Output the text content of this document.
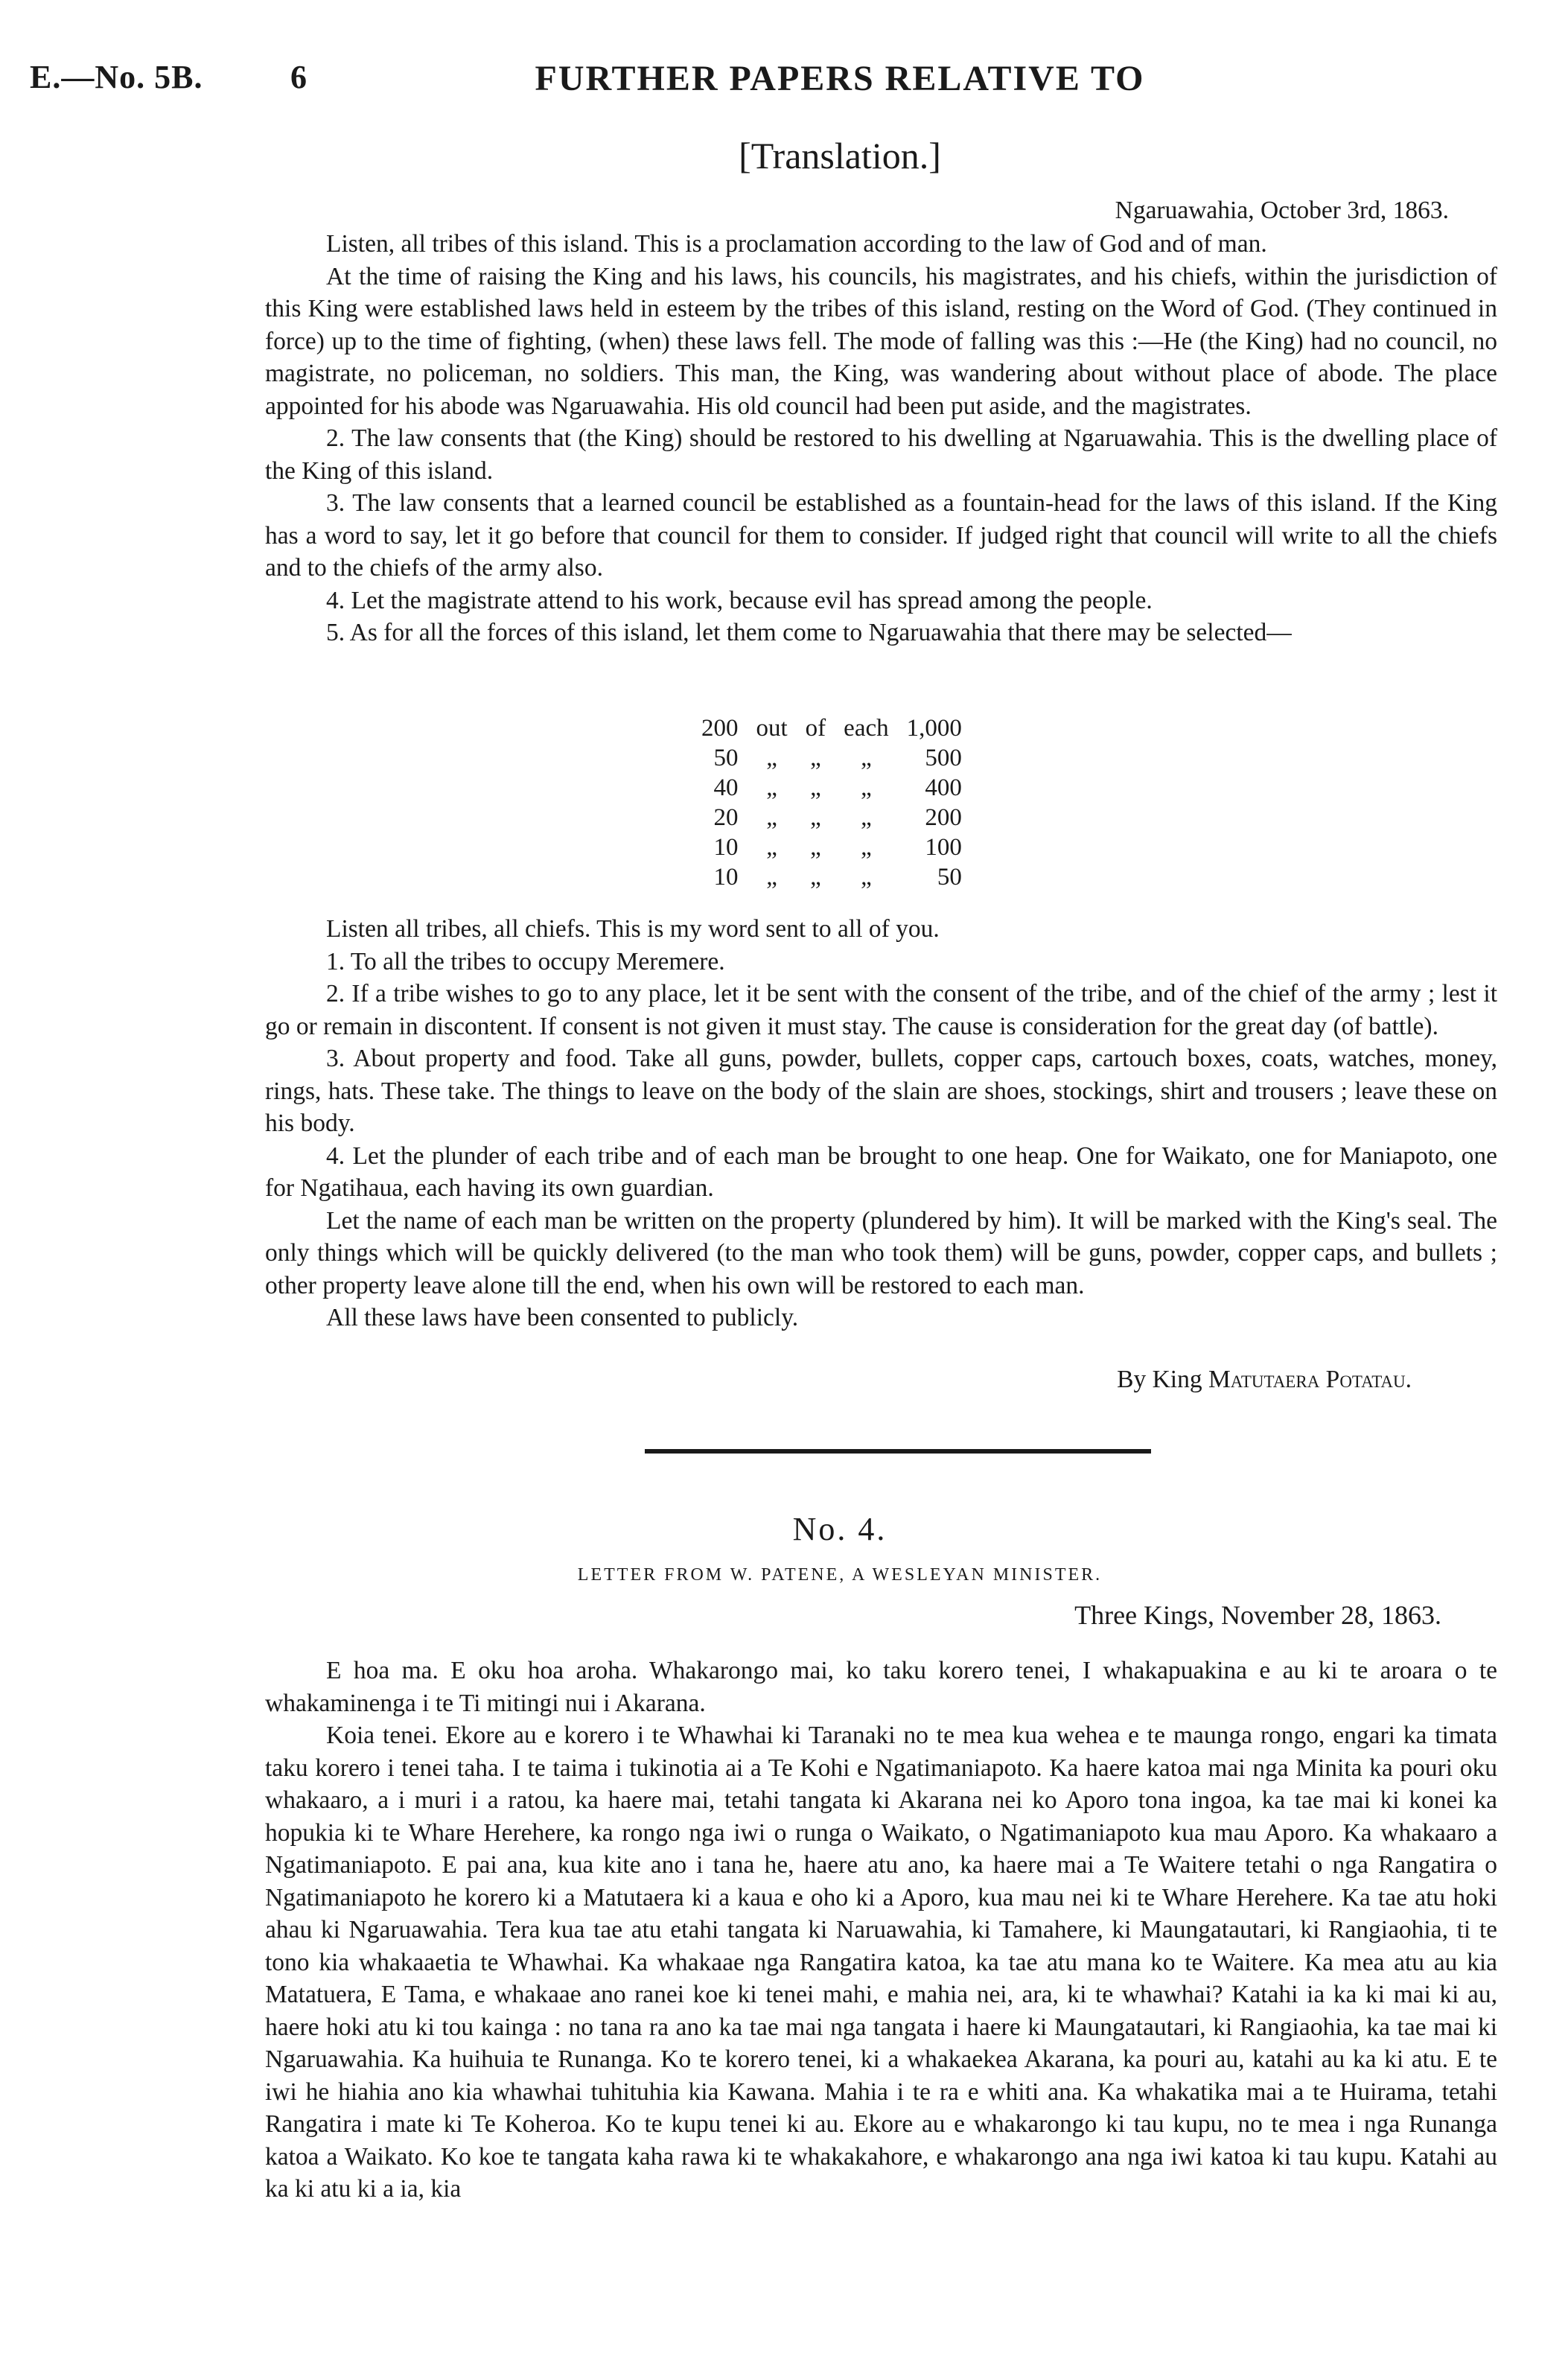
E.—No. 5B.	6	FURTHER PAPERS RELATIVE TO
[Translation.]
Ngaruawahia, October 3rd, 1863.

Listen, all tribes of this island. This is a proclamation according to the law of God and of man.

At the time of raising the King and his laws, his councils, his magistrates, and his chiefs, within the jurisdiction of this King were established laws held in esteem by the tribes of this island, resting on the Word of God. (They continued in force) up to the time of fighting, (when) these laws fell. The mode of falling was this :—He (the King) had no council, no magistrate, no policeman, no soldiers. This man, the King, was wandering about without place of abode. The place appointed for his abode was Ngaruawahia. His old council had been put aside, and the magistrates.

2. The law consents that (the King) should be restored to his dwelling at Ngaruawahia. This is the dwelling place of the King of this island.

3. The law consents that a learned council be established as a fountain-head for the laws of this island. If the King has a word to say, let it go before that council for them to consider. If judged right that council will write to all the chiefs and to the chiefs of the army also.

4. Let the magistrate attend to his work, because evil has spread among the people.

5. As for all the forces of this island, let them come to Ngaruawahia that there may be selected—

200	out	of	each	1,000
50	„	„	„	500
40	„	„	„	400
20	„	„	„	200
10	„	„	„	100
10	„	„	„	50

Listen all tribes, all chiefs. This is my word sent to all of you.

1. To all the tribes to occupy Meremere.

2. If a tribe wishes to go to any place, let it be sent with the consent of the tribe, and of the chief of the army ; lest it go or remain in discontent. If consent is not given it must stay. The cause is consideration for the great day (of battle).

3. About property and food. Take all guns, powder, bullets, copper caps, cartouch boxes, coats, watches, money, rings, hats. These take. The things to leave on the body of the slain are shoes, stockings, shirt and trousers ; leave these on his body.

4. Let the plunder of each tribe and of each man be brought to one heap. One for Waikato, one for Maniapoto, one for Ngatihaua, each having its own guardian.

Let the name of each man be written on the property (plundered by him). It will be marked with the King's seal. The only things which will be quickly delivered (to the man who took them) will be guns, powder, copper caps, and bullets ; other property leave alone till the end, when his own will be restored to each man.

All these laws have been consented to publicly.

By King Matutaera Potatau.
No. 4.
LETTER FROM W. PATENE, A WESLEYAN MINISTER.
Three Kings, November 28, 1863.

E hoa ma. E oku hoa aroha. Whakarongo mai, ko taku korero tenei, I whakapuakina e au ki te aroara o te whakaminenga i te Ti mitingi nui i Akarana.

Koia tenei. Ekore au e korero i te Whawhai ki Taranaki no te mea kua wehea e te maunga rongo, engari ka timata taku korero i tenei taha. I te taima i tukinotia ai a Te Kohi e Ngatimaniapoto. Ka haere katoa mai nga Minita ka pouri oku whakaaro, a i muri i a ratou, ka haere mai, tetahi tangata ki Akarana nei ko Aporo tona ingoa, ka tae mai ki konei ka hopukia ki te Whare Herehere, ka rongo nga iwi o runga o Waikato, o Ngatimaniapoto kua mau Aporo. Ka whakaaro a Ngatimaniapoto. E pai ana, kua kite ano i tana he, haere atu ano, ka haere mai a Te Waitere tetahi o nga Rangatira o Ngatimaniapoto he korero ki a Matutaera ki a kaua e oho ki a Aporo, kua mau nei ki te Whare Herehere. Ka tae atu hoki ahau ki Ngaruawahia. Tera kua tae atu etahi tangata ki Naruawahia, ki Tamahere, ki Maungatautari, ki Rangiaohia, ti te tono kia whakaaetia te Whawhai. Ka whakaae nga Rangatira katoa, ka tae atu mana ko te Waitere. Ka mea atu au kia Matatuera, E Tama, e whakaae ano ranei koe ki tenei mahi, e mahia nei, ara, ki te whawhai? Katahi ia ka ki mai ki au, haere hoki atu ki tou kainga : no tana ra ano ka tae mai nga tangata i haere ki Maungatautari, ki Rangiaohia, ka tae mai ki Ngaruawahia. Ka huihuia te Runanga. Ko te korero tenei, ki a whakaekea Akarana, ka pouri au, katahi au ka ki atu. E te iwi he hiahia ano kia whawhai tuhituhia kia Kawana. Mahia i te ra e whiti ana. Ka whakatika mai a te Huirama, tetahi Rangatira i mate ki Te Koheroa. Ko te kupu tenei ki au. Ekore au e whakarongo ki tau kupu, no te mea i nga Runanga katoa a Waikato. Ko koe te tangata kaha rawa ki te whakakahore, e whakarongo ana nga iwi katoa ki tau kupu. Katahi au ka ki atu ki a ia, kia
